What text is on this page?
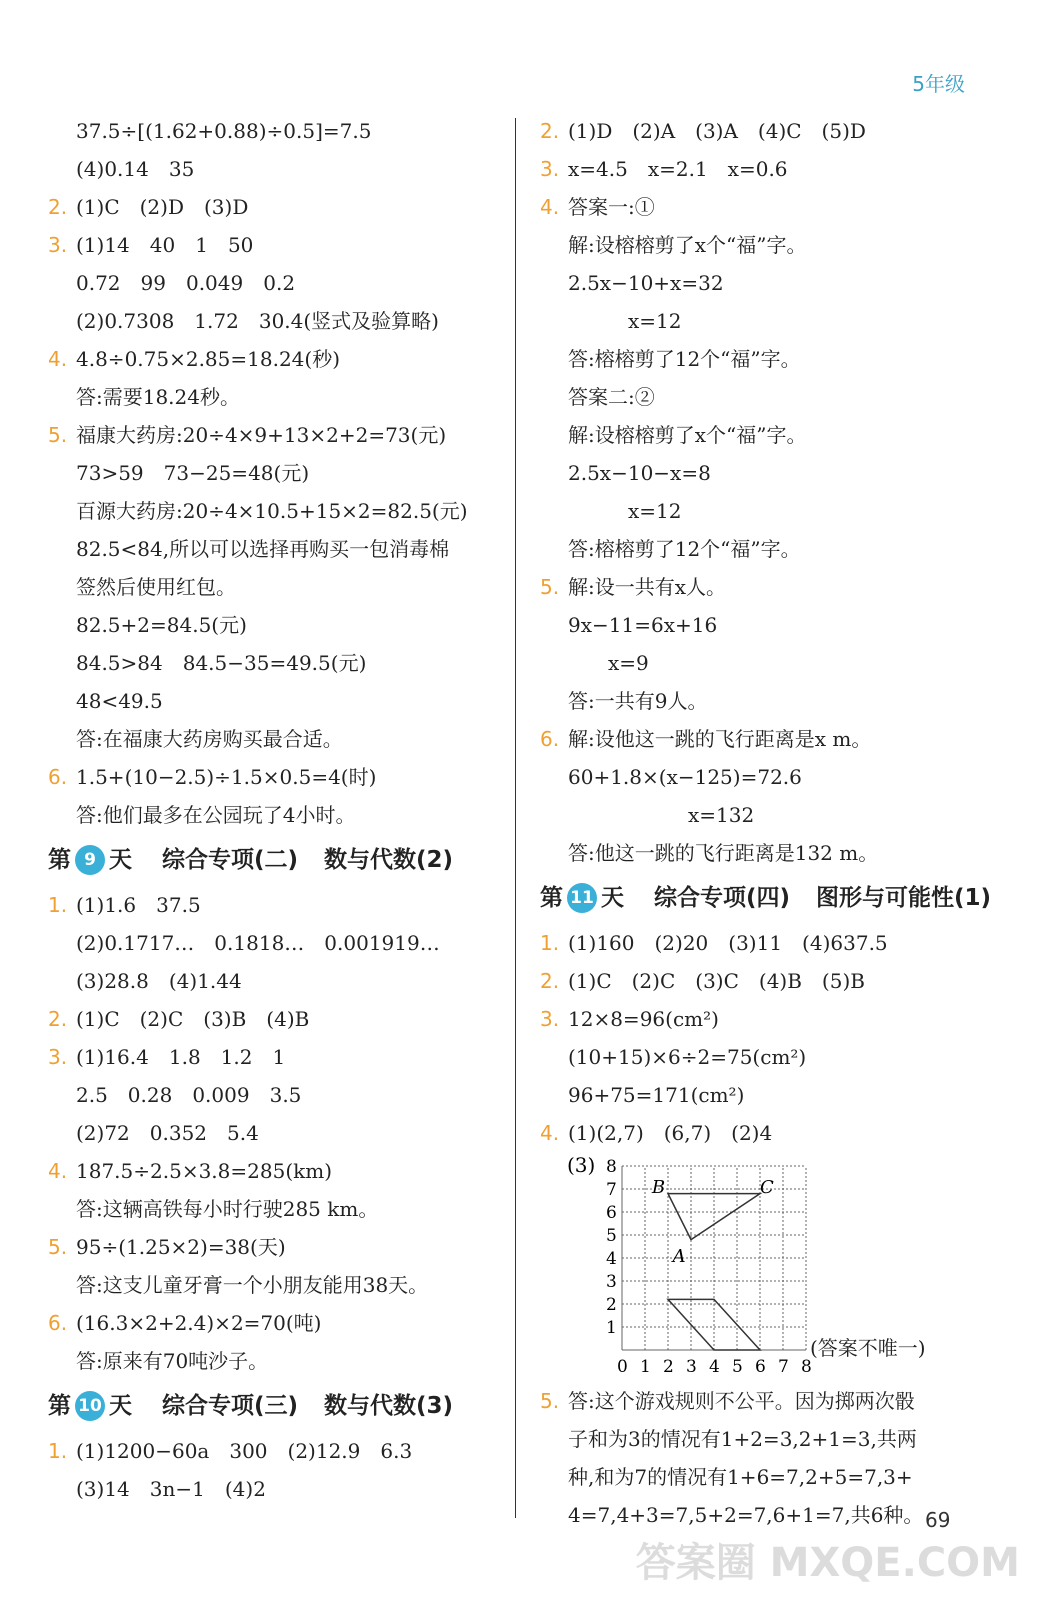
5年级
37.5÷[(1.62+0.88)÷0.5]=7.5
(4)0.14　35
2. (1)C　(2)D　(3)D
3. (1)14　40　1　50
0.72　99　0.049　0.2
(2)0.7308　1.72　30.4(竖式及验算略)
4. 4.8÷0.75×2.85=18.24(秒)
答:需要18.24秒。
5. 福康大药房:20÷4×9+13×2+2=73(元)
73>59　73−25=48(元)
百源大药房:20÷4×10.5+15×2=82.5(元)
82.5<84,所以可以选择再购买一包消毒棉
签然后使用红包。
82.5+2=84.5(元)
84.5>84　84.5−35=49.5(元)
48<49.5
答:在福康大药房购买最合适。
6. 1.5+(10−2.5)÷1.5×0.5=4(时)
答:他们最多在公园玩了4小时。
第 9 天 综合专项(二) 数与代数(2)
1. (1)1.6　37.5
(2)0.1717…　0.1818…　0.001919…
(3)28.8　(4)1.44
2. (1)C　(2)C　(3)B　(4)B
3. (1)16.4　1.8　1.2　1
2.5　0.28　0.009　3.5
(2)72　0.352　5.4
4. 187.5÷2.5×3.8=285(km)
答:这辆高铁每小时行驶285 km。
5. 95÷(1.25×2)=38(天)
答:这支儿童牙膏一个小朋友能用38天。
6. (16.3×2+2.4)×2=70(吨)
答:原来有70吨沙子。
第 10 天 综合专项(三) 数与代数(3)
1. (1)1200−60a　300　(2)12.9　6.3
(3)14　3n−1　(4)2
2. (1)D　(2)A　(3)A　(4)C　(5)D
3. x=4.5　x=2.1　x=0.6
4. 答案一:①
解:设榕榕剪了x个“福”字。
2.5x−10+x=32
　　　x=12
答:榕榕剪了12个“福”字。
答案二:②
解:设榕榕剪了x个“福”字。
2.5x−10−x=8
　　　x=12
答:榕榕剪了12个“福”字。
5. 解:设一共有x人。
9x−11=6x+16
　　x=9
答:一共有9人。
6. 解:设他这一跳的飞行距离是x m。
60+1.8×(x−125)=72.6
　　　　　　x=132
答:他这一跳的飞行距离是132 m。
第 11 天 综合专项(四) 图形与可能性(1)
1. (1)160　(2)20　(3)11　(4)637.5
2. (1)C　(2)C　(3)C　(4)B　(5)B
3. 12×8=96(cm²)
(10+15)×6÷2=75(cm²)
96+75=171(cm²)
4. (1)(2,7)　(6,7)　(2)4
(3) 8
7
6
5
4
3
2
1
0 1 2 3 4 5 6 7 8
B	C
A
(答案不唯一)
5. 答:这个游戏规则不公平。因为掷两次骰
子和为3的情况有1+2=3,2+1=3,共两
种,和为7的情况有1+6=7,2+5=7,3+
4=7,4+3=7,5+2=7,6+1=7,共6种。 69
答案圈 MXQE.COM
